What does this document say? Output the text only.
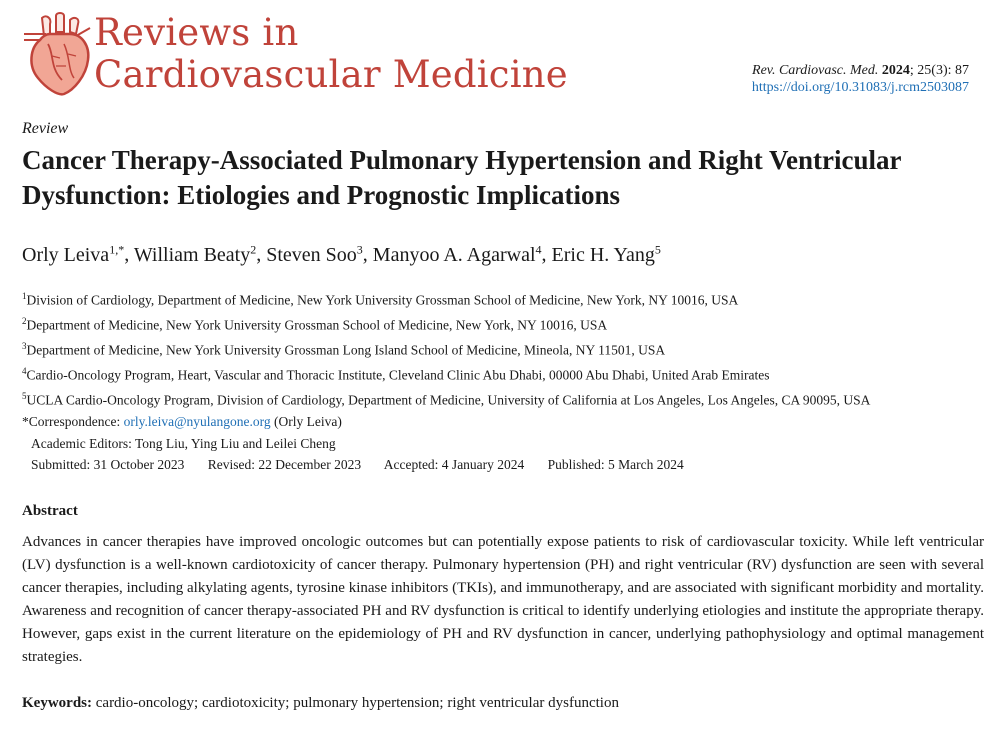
Reviews in
Cardiovascular Medicine	Rev. Cardiovasc. Med. 2024; 25(3): 87
https://doi.org/10.31083/j.rcm2503087
Review
Cancer Therapy-Associated Pulmonary Hypertension and Right Ventricular Dysfunction: Etiologies and Prognostic Implications
Orly Leiva$^{1,*}$, William Beaty$^2$, Steven Soo$^3$, Manyoo A. Agarwal$^4$, Eric H. Yang$^5$
$^1$Division of Cardiology, Department of Medicine, New York University Grossman School of Medicine, New York, NY 10016, USA
$^2$Department of Medicine, New York University Grossman School of Medicine, New York, NY 10016, USA
$^3$Department of Medicine, New York University Grossman Long Island School of Medicine, Mineola, NY 11501, USA
$^4$Cardio-Oncology Program, Heart, Vascular and Thoracic Institute, Cleveland Clinic Abu Dhabi, 00000 Abu Dhabi, United Arab Emirates
$^5$UCLA Cardio-Oncology Program, Division of Cardiology, Department of Medicine, University of California at Los Angeles, Los Angeles, CA 90095, USA
*Correspondence: orly.leiva@nyulangone.org (Orly Leiva)
Academic Editors: Tong Liu, Ying Liu and Leilei Cheng
Submitted: 31 October 2023 Revised: 22 December 2023 Accepted: 4 January 2024 Published: 5 March 2024
Abstract

Advances in cancer therapies have improved oncologic outcomes but can potentially expose patients to risk of cardiovascular toxicity. While left ventricular (LV) dysfunction is a well-known cardiotoxicity of cancer therapy. Pulmonary hypertension (PH) and right ventricular (RV) dysfunction are seen with several cancer therapies, including alkylating agents, tyrosine kinase inhibitors (TKIs), and immunotherapy, and are associated with significant morbidity and mortality. Awareness and recognition of cancer therapy-associated PH and RV dysfunction is critical to identify underlying etiologies and institute the appropriate therapy. However, gaps exist in the current literature on the epidemiology of PH and RV dysfunction in cancer, underlying pathophysiology and optimal management strategies.

Keywords: cardio-oncology; cardiotoxicity; pulmonary hypertension; right ventricular dysfunction
